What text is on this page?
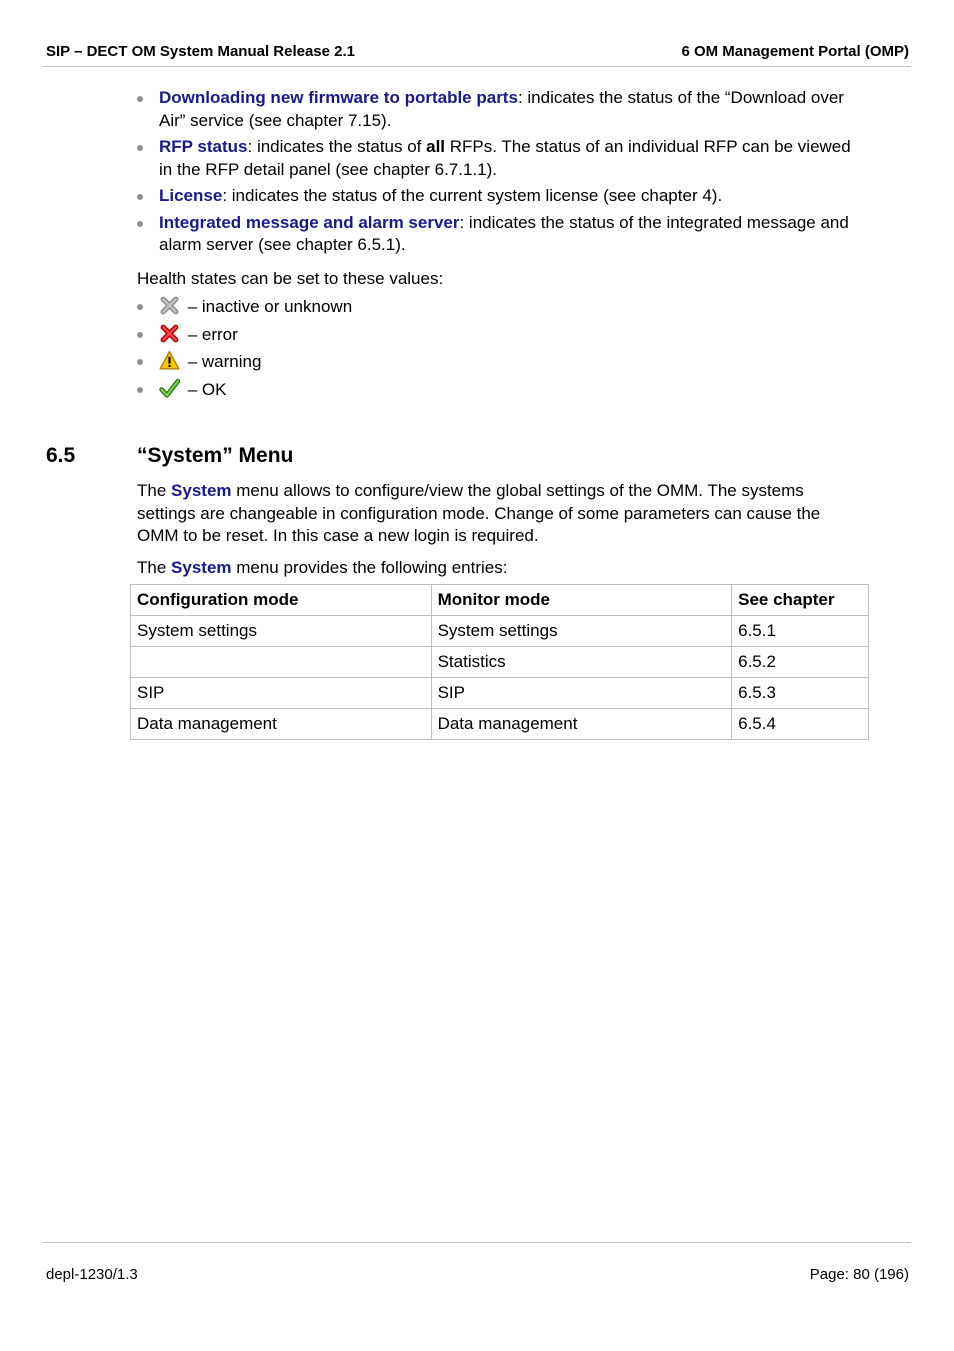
SIP – DECT OM System Manual Release 2.1	6 OM Management Portal (OMP)
Downloading new firmware to portable parts: indicates the status of the “Download over Air” service (see chapter 7.15).
RFP status: indicates the status of all RFPs. The status of an individual RFP can be viewed in the RFP detail panel (see chapter 6.7.1.1).
License: indicates the status of the current system license (see chapter 4).
Integrated message and alarm server: indicates the status of the integrated message and alarm server (see chapter 6.5.1).

Health states can be set to these values:

– inactive or unknown
– error
– warning
– OK
6.5	“System” Menu

The System menu allows to configure/view the global settings of the OMM. The systems settings are changeable in configuration mode. Change of some parameters can cause the OMM to be reset. In this case a new login is required.

The System menu provides the following entries:

Configuration mode	Monitor mode	See chapter
System settings	System settings	6.5.1
	Statistics	6.5.2
SIP	SIP	6.5.3
Data management	Data management	6.5.4
depl-1230/1.3	Page: 80 (196)
